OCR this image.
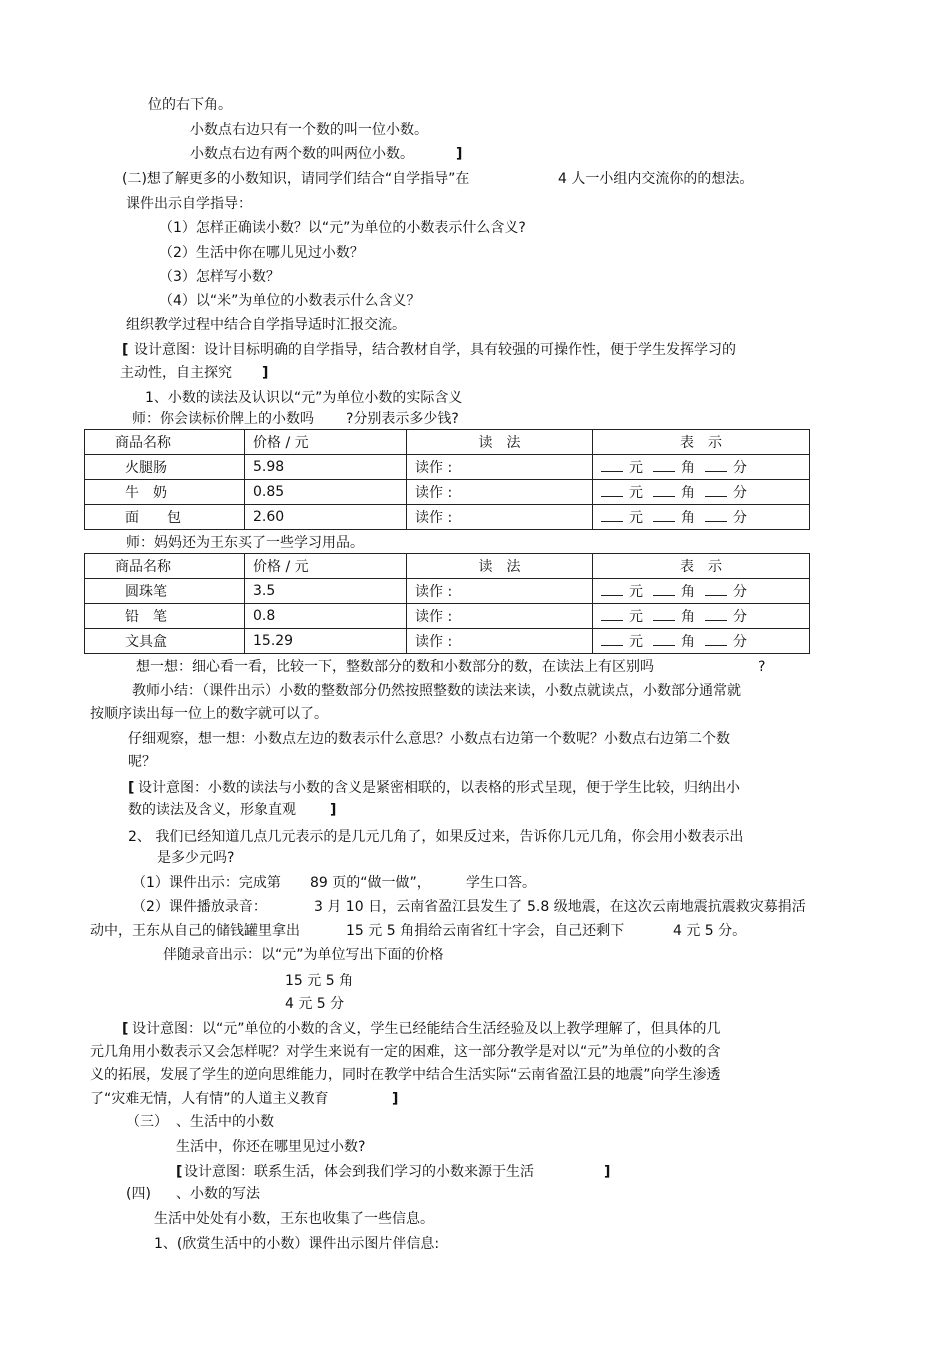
位的右下角。
小数点右边只有一个数的叫一位小数。
小数点右边有两个数的叫两位小数。	]
(二)想了解更多的小数知识，请同学们结合“自学指导”在	4 人一小组内交流你的的想法。
课件出示自学指导：
（1）怎样正确读小数？以“元”为单位的小数表示什么含义?
（2）生活中你在哪儿见过小数？
（3）怎样写小数？
（4）以“米”为单位的小数表示什么含义？
组织教学过程中结合自学指导适时汇报交流。
[ 设计意图：设计目标明确的自学指导，结合教材自学，具有较强的可操作性，便于学生发挥学习的
主动性，自主探究 ]
1、小数的读法及认识以“元”为单位小数的实际含义
师：你会读标价牌上的小数吗 ?分别表示多少钱?
商品名称	价格 / 元	读　法	表　示
火腿肠	5.98	读作 :	元 角 分
牛　奶	0.85	读作 :	元 角 分
面　　包	2.60	读作 :	元 角 分
师：妈妈还为王东买了一些学习用品。
商品名称	价格 / 元	读　法	表　示
圆珠笔	3.5	读作 :	元 角 分
铅　笔	0.8	读作 :	元 角 分
文具盒	15.29	读作 :	元 角 分
想一想：细心看一看，比较一下，整数部分的数和小数部分的数，在读法上有区别吗	?
教师小结：（课件出示）小数的整数部分仍然按照整数的读法来读，小数点就读点，小数部分通常就
按顺序读出每一位上的数字就可以了。
仔细观察，想一想：小数点左边的数表示什么意思？小数点右边第一个数呢？小数点右边第二个数
呢？
[ 设计意图：小数的读法与小数的含义是紧密相联的，以表格的形式呈现，便于学生比较，归纳出小
数的读法及含义，形象直观 ]
2、 我们已经知道几点几元表示的是几元几角了，如果反过来，告诉你几元几角，你会用小数表示出
是多少元吗?
（1）课件出示：完成第 89 页的“做一做”，	学生口答。
（2）课件播放录音：	3 月 10 日，云南省盈江县发生了 5.8 级地震，在这次云南地震抗震救灾募捐活
动中，王东从自己的储钱罐里拿出	15 元 5 角捐给云南省红十字会，自己还剩下	4 元 5 分。
伴随录音出示：以“元”为单位写出下面的价格
15 元 5 角
4 元 5 分
[ 设计意图：以“元”单位的小数的含义，学生已经能结合生活经验及以上教学理解了，但具体的几
元几角用小数表示又会怎样呢？对学生来说有一定的困难，这一部分教学是对以“元”为单位的小数的含
义的拓展，发展了学生的逆向思维能力，同时在教学中结合生活实际“云南省盈江县的地震”向学生渗透
了“灾难无情，人有情”的人道主义教育	]
（三） 、生活中的小数
生活中，你还在哪里见过小数?
[ 设计意图：联系生活，体会到我们学习的小数来源于生活	]
(四) 、小数的写法
生活中处处有小数，王东也收集了一些信息。
1、(欣赏生活中的小数）课件出示图片伴信息:
